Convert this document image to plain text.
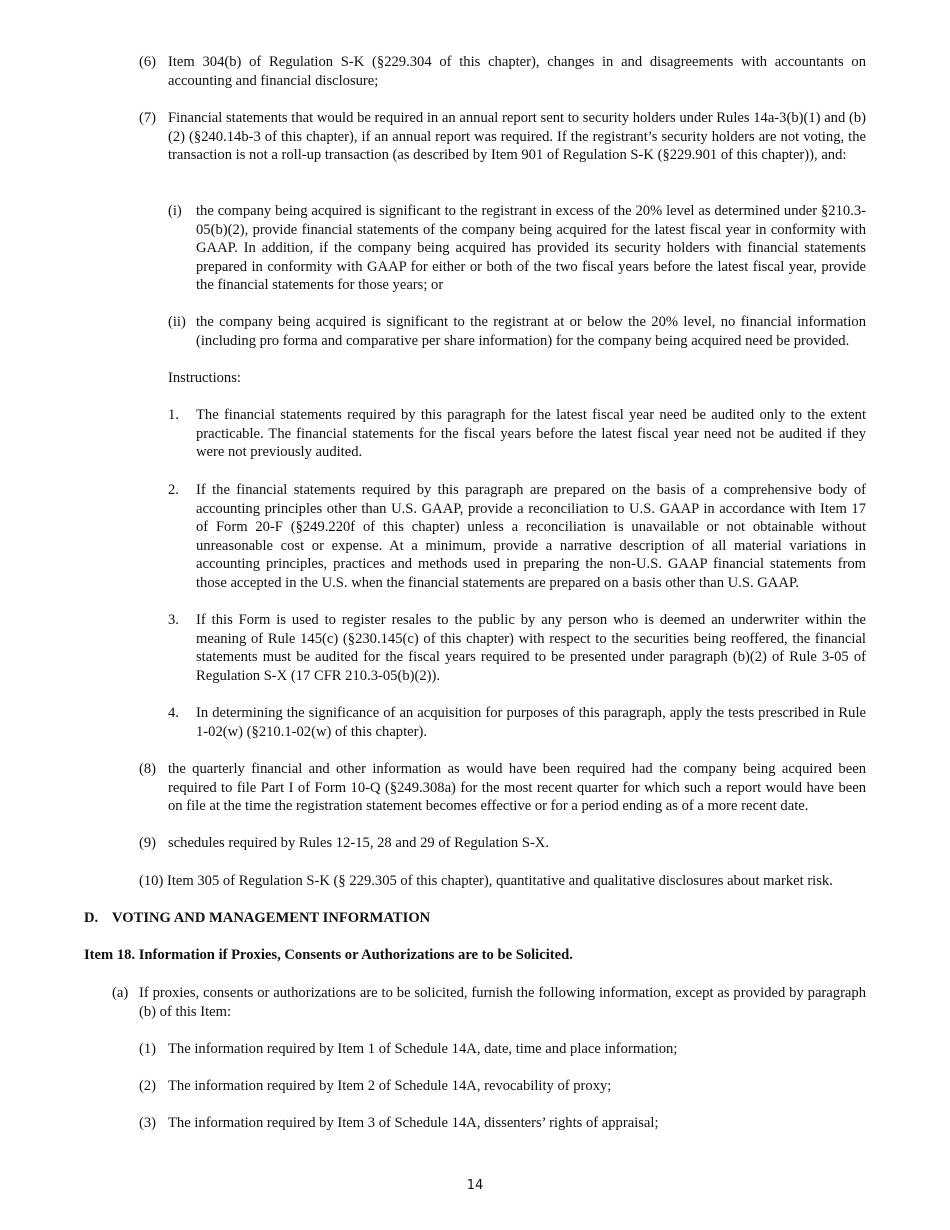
(6) Item 304(b) of Regulation S-K (§229.304 of this chapter), changes in and disagreements with accountants on accounting and financial disclosure;
(7) Financial statements that would be required in an annual report sent to security holders under Rules 14a-3(b)(1) and (b)(2) (§240.14b-3 of this chapter), if an annual report was required. If the registrant’s security holders are not voting, the transaction is not a roll-up transaction (as described by Item 901 of Regulation S-K (§229.901 of this chapter)), and:
(i) the company being acquired is significant to the registrant in excess of the 20% level as determined under §210.3-05(b)(2), provide financial statements of the company being acquired for the latest fiscal year in conformity with GAAP. In addition, if the company being acquired has provided its security holders with financial statements prepared in conformity with GAAP for either or both of the two fiscal years before the latest fiscal year, provide the financial statements for those years; or
(ii) the company being acquired is significant to the registrant at or below the 20% level, no financial information (including pro forma and comparative per share information) for the company being acquired need be provided.
Instructions:
1. The financial statements required by this paragraph for the latest fiscal year need be audited only to the extent practicable. The financial statements for the fiscal years before the latest fiscal year need not be audited if they were not previously audited.
2. If the financial statements required by this paragraph are prepared on the basis of a comprehensive body of accounting principles other than U.S. GAAP, provide a reconciliation to U.S. GAAP in accordance with Item 17 of Form 20-F (§249.220f of this chapter) unless a reconciliation is unavailable or not obtainable without unreasonable cost or expense. At a minimum, provide a narrative description of all material variations in accounting principles, practices and methods used in preparing the non-U.S. GAAP financial statements from those accepted in the U.S. when the financial statements are prepared on a basis other than U.S. GAAP.
3. If this Form is used to register resales to the public by any person who is deemed an underwriter within the meaning of Rule 145(c) (§230.145(c) of this chapter) with respect to the securities being reoffered, the financial statements must be audited for the fiscal years required to be presented under paragraph (b)(2) of Rule 3-05 of Regulation S-X (17 CFR 210.3-05(b)(2)).
4. In determining the significance of an acquisition for purposes of this paragraph, apply the tests prescribed in Rule 1-02(w) (§210.1-02(w) of this chapter).
(8) the quarterly financial and other information as would have been required had the company being acquired been required to file Part I of Form 10-Q (§249.308a) for the most recent quarter for which such a report would have been on file at the time the registration statement becomes effective or for a period ending as of a more recent date.
(9) schedules required by Rules 12-15, 28 and 29 of Regulation S-X.
(10) Item 305 of Regulation S-K (§ 229.305 of this chapter), quantitative and qualitative disclosures about market risk.
D. VOTING AND MANAGEMENT INFORMATION
Item 18. Information if Proxies, Consents or Authorizations are to be Solicited.
(a) If proxies, consents or authorizations are to be solicited, furnish the following information, except as provided by paragraph (b) of this Item:
(1) The information required by Item 1 of Schedule 14A, date, time and place information;
(2) The information required by Item 2 of Schedule 14A, revocability of proxy;
(3) The information required by Item 3 of Schedule 14A, dissenters’ rights of appraisal;
14
